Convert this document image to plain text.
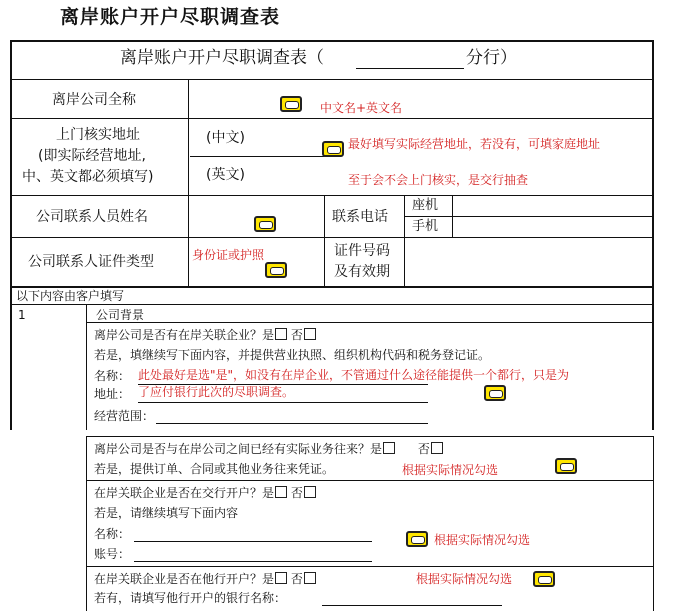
离岸账户开户尽职调查表
离岸账户开户尽职调查表（	分行）
离岸公司全称	中文名+英文名
上门核实地址
(即实际经营地址,
中、英文都必须填写)
(中文)	最好填写实际经营地址，若没有，可填家庭地址
(英文)	至于会不会上门核实，是交行抽查
公司联系人员姓名	联系电话
座机
手机
公司联系人证件类型	身份证或护照	证件号码
及有效期
以下内容由客户填写
1	公司背景
离岸公司是否有在岸关联企业？是 否
若是，填继续写下面内容，并提供营业执照、组织机构代码和税务登记证。
名称： 此处最好是选"是"，如没有在岸企业，不管通过什么途径能提供一个都行，只是为
地址： 了应付银行此次的尽职调查。
经营范围：
离岸公司是否与在岸公司之间已经有实际业务往来？是	否
若是，提供订单、合同或其他业务往来凭证。	根据实际情况勾选
在岸关联企业是否在交行开户？是 否
若是，请继续填写下面内容
名称：	根据实际情况勾选
账号：
在岸关联企业是否在他行开户？是 否	根据实际情况勾选
若有，请填写他行开户的银行名称：
